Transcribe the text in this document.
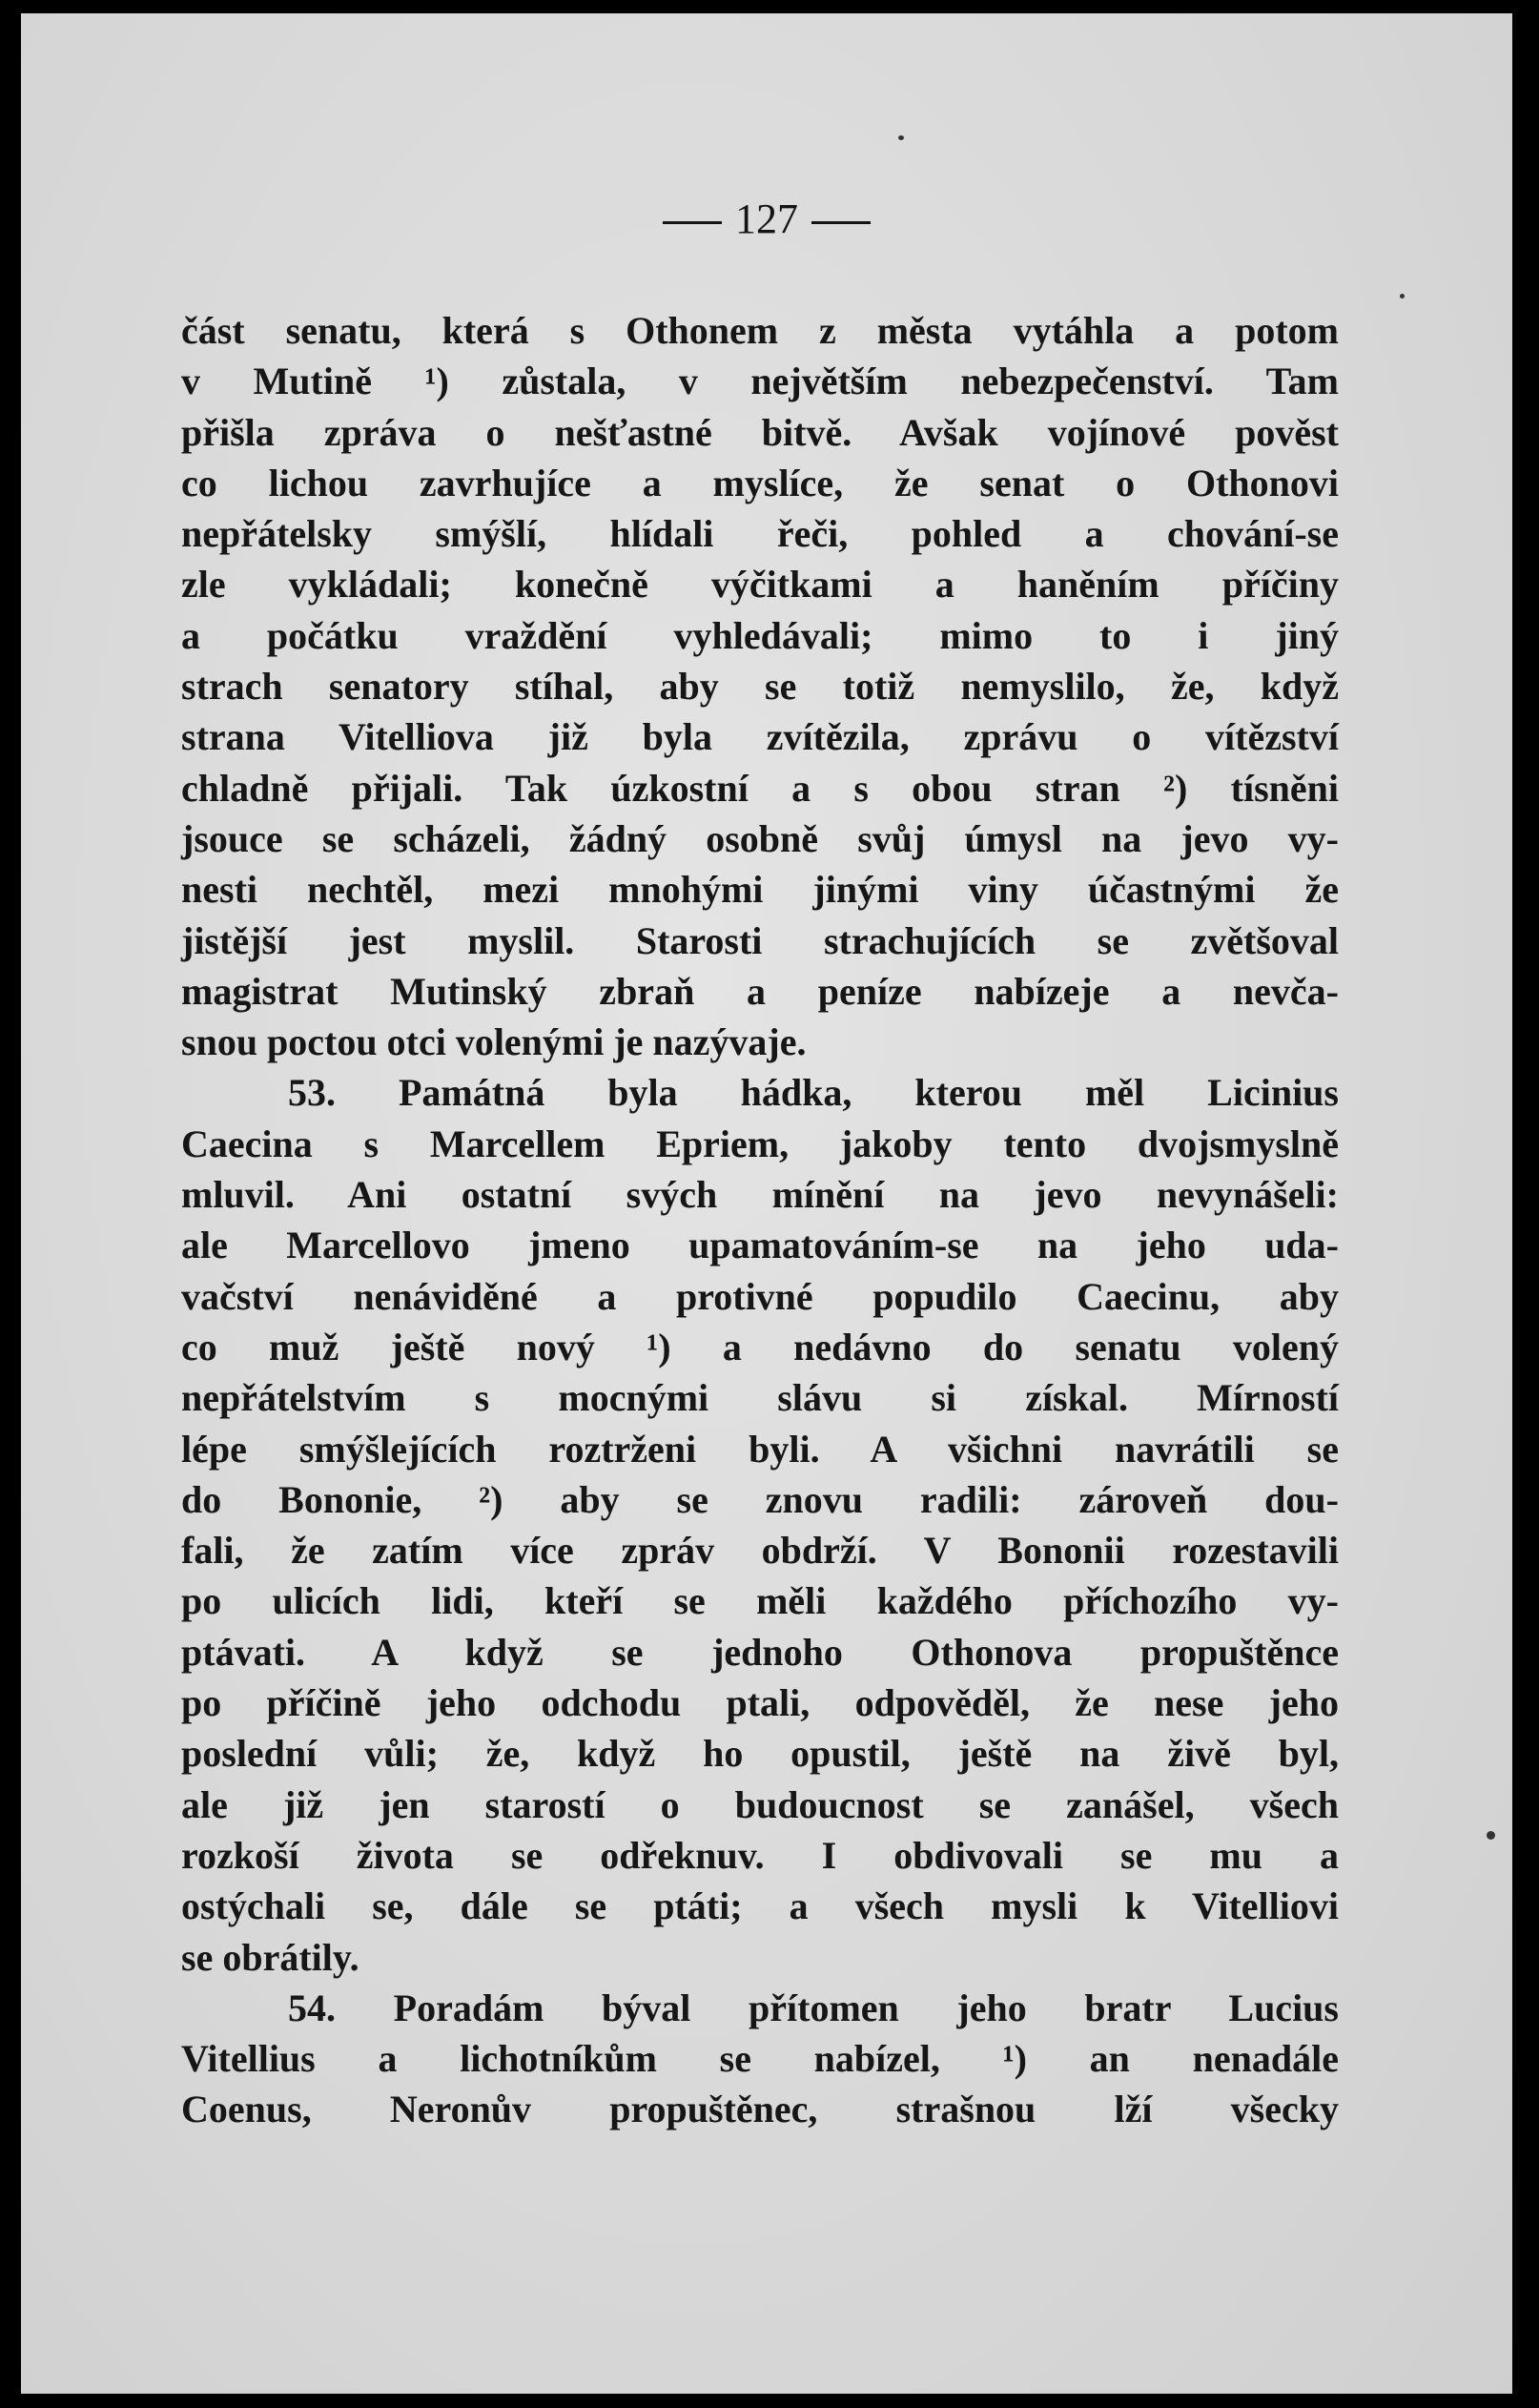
127
část senatu, která s Othonem z města vytáhla a potom
v Mutině ¹) zůstala, v největším nebezpečenství. Tam
přišla zpráva o nešťastné bitvě. Avšak vojínové pověst
co lichou zavrhujíce a myslíce, že senat o Othonovi
nepřátelsky smýšlí, hlídali řeči, pohled a chování-se
zle vykládali; konečně výčitkami a haněním příčiny
a počátku vraždění vyhledávali; mimo to i jiný
strach senatory stíhal, aby se totiž nemyslilo, že, když
strana Vitelliova již byla zvítězila, zprávu o vítězství
chladně přijali. Tak úzkostní a s obou stran ²) tísněni
jsouce se scházeli, žádný osobně svůj úmysl na jevo vy-
nesti nechtěl, mezi mnohými jinými viny účastnými že
jistější jest myslil. Starosti strachujících se zvětšoval
magistrat Mutinský zbraň a peníze nabízeje a nevča-
snou poctou otci volenými je nazývaje.
53. Památná byla hádka, kterou měl Licinius
Caecina s Marcellem Epriem, jakoby tento dvojsmyslně
mluvil. Ani ostatní svých mínění na jevo nevynášeli:
ale Marcellovo jmeno upamatováním-se na jeho uda-
vačství nenáviděné a protivné popudilo Caecinu, aby
co muž ještě nový ¹) a nedávno do senatu volený
nepřátelstvím s mocnými slávu si získal. Mírností
lépe smýšlejících roztrženi byli. A všichni navrátili se
do Bononie, ²) aby se znovu radili: zároveň dou-
fali, že zatím více zpráv obdrží. V Bononii rozestavili
po ulicích lidi, kteří se měli každého příchozího vy-
ptávati. A když se jednoho Othonova propuštěnce
po příčině jeho odchodu ptali, odpověděl, že nese jeho
poslední vůli; že, když ho opustil, ještě na živě byl,
ale již jen starostí o budoucnost se zanášel, všech
rozkoší života se odřeknuv. I obdivovali se mu a
ostýchali se, dále se ptáti; a všech mysli k Vitelliovi
se obrátily.
54. Poradám býval přítomen jeho bratr Lucius
Vitellius a lichotníkům se nabízel, ¹) an nenadále
Coenus, Neronův propuštěnec, strašnou lží všecky
